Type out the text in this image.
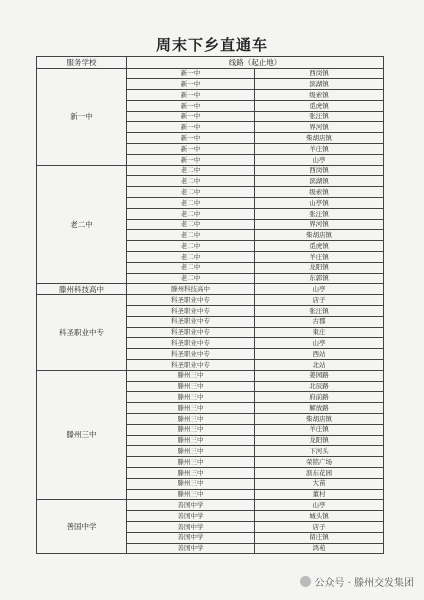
周末下乡直通车
服务学校	线路（起止地）	
新一中	新一中	西岗镇
	新一中	滨湖镇
	新一中	级索镇
	新一中	觅虎镇
	新一中	张汪镇
	新一中	界河镇
	新一中	柴胡店镇
	新一中	羊庄镇
	新一中	山亭
老二中	老二中	西岗镇
	老二中	滨湖镇
	老二中	级索镇
	老二中	山亭镇
	老二中	张汪镇
	老二中	界河镇
	老二中	柴胡店镇
	老二中	觅虎镇
	老二中	羊庄镇
	老二中	龙阳镇
	老二中	东郭镇
滕州科技高中	滕州科技高中	山亭
科圣职业中专	科圣职业中专	店子
	科圣职业中专	张汪镇
	科圣职业中专	古郡
	科圣职业中专	東庄
	科圣职业中专	山亭
	科圣职业中专	西站
	科圣职业中专	北站
滕州三中	滕州三中	姜园路
	滕州三中	北辰路
	滕州三中	府前路
	滕州三中	解放路
	滕州三中	柴胡店镇
	滕州三中	羊庄镇
	滕州三中	龙阳镇
	滕州三中	下河头
	滕州三中	荣铭广场
	滕州三中	滨东花园
	滕州三中	大苗
	滕州三中	董村
善国中学	善国中学	山亭
	善国中学	城头镇
	善国中学	店子
	善国中学	留庄镇
	善国中学	鸿苑
公众号 · 滕州交发集团
